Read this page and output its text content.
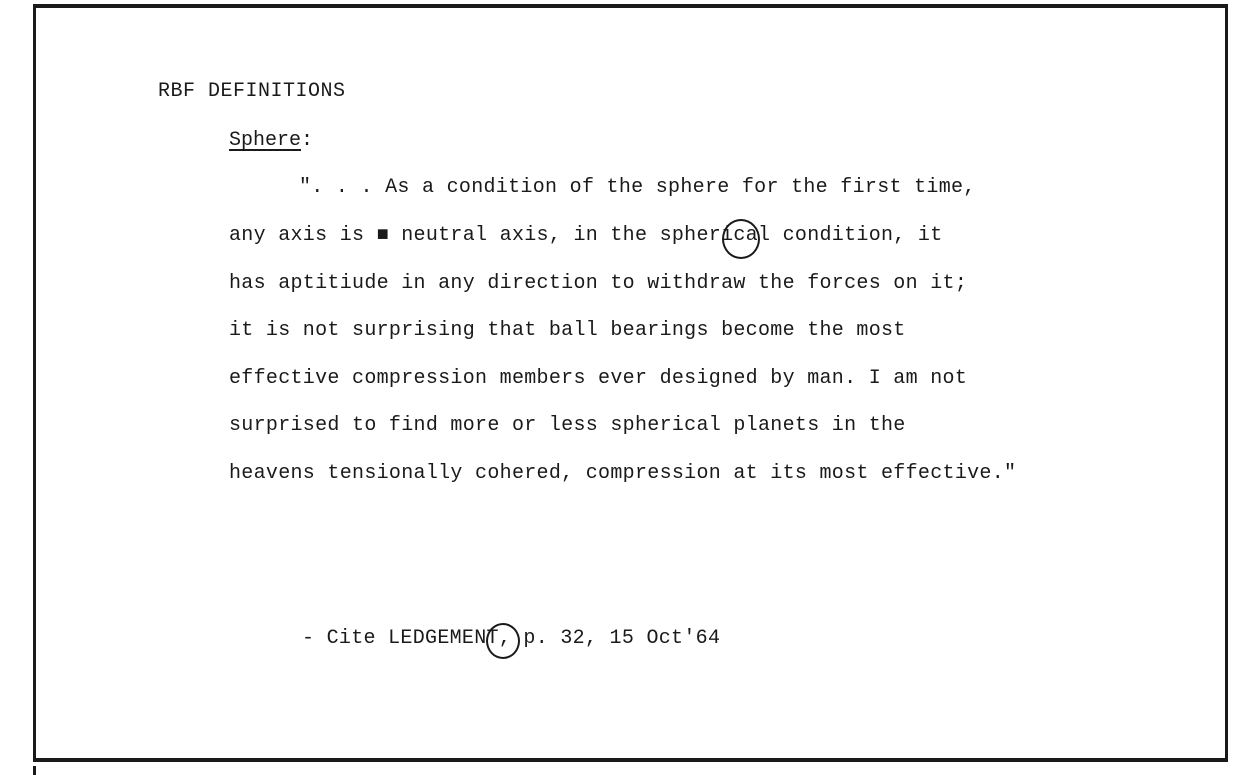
RBF DEFINITIONS
Sphere:
". . . As a condition of the sphere for the first time,
any axis is ■ neutral axis, in the spherical condition, it
has aptitiude in any direction to withdraw the forces on it;
it is not surprising that ball bearings become the most
effective compression members ever designed by man. I am not
surprised to find more or less spherical planets in the
heavens tensionally cohered, compression at its most effective."
- Cite LEDGEMENT, p. 32, 15 Oct'64
